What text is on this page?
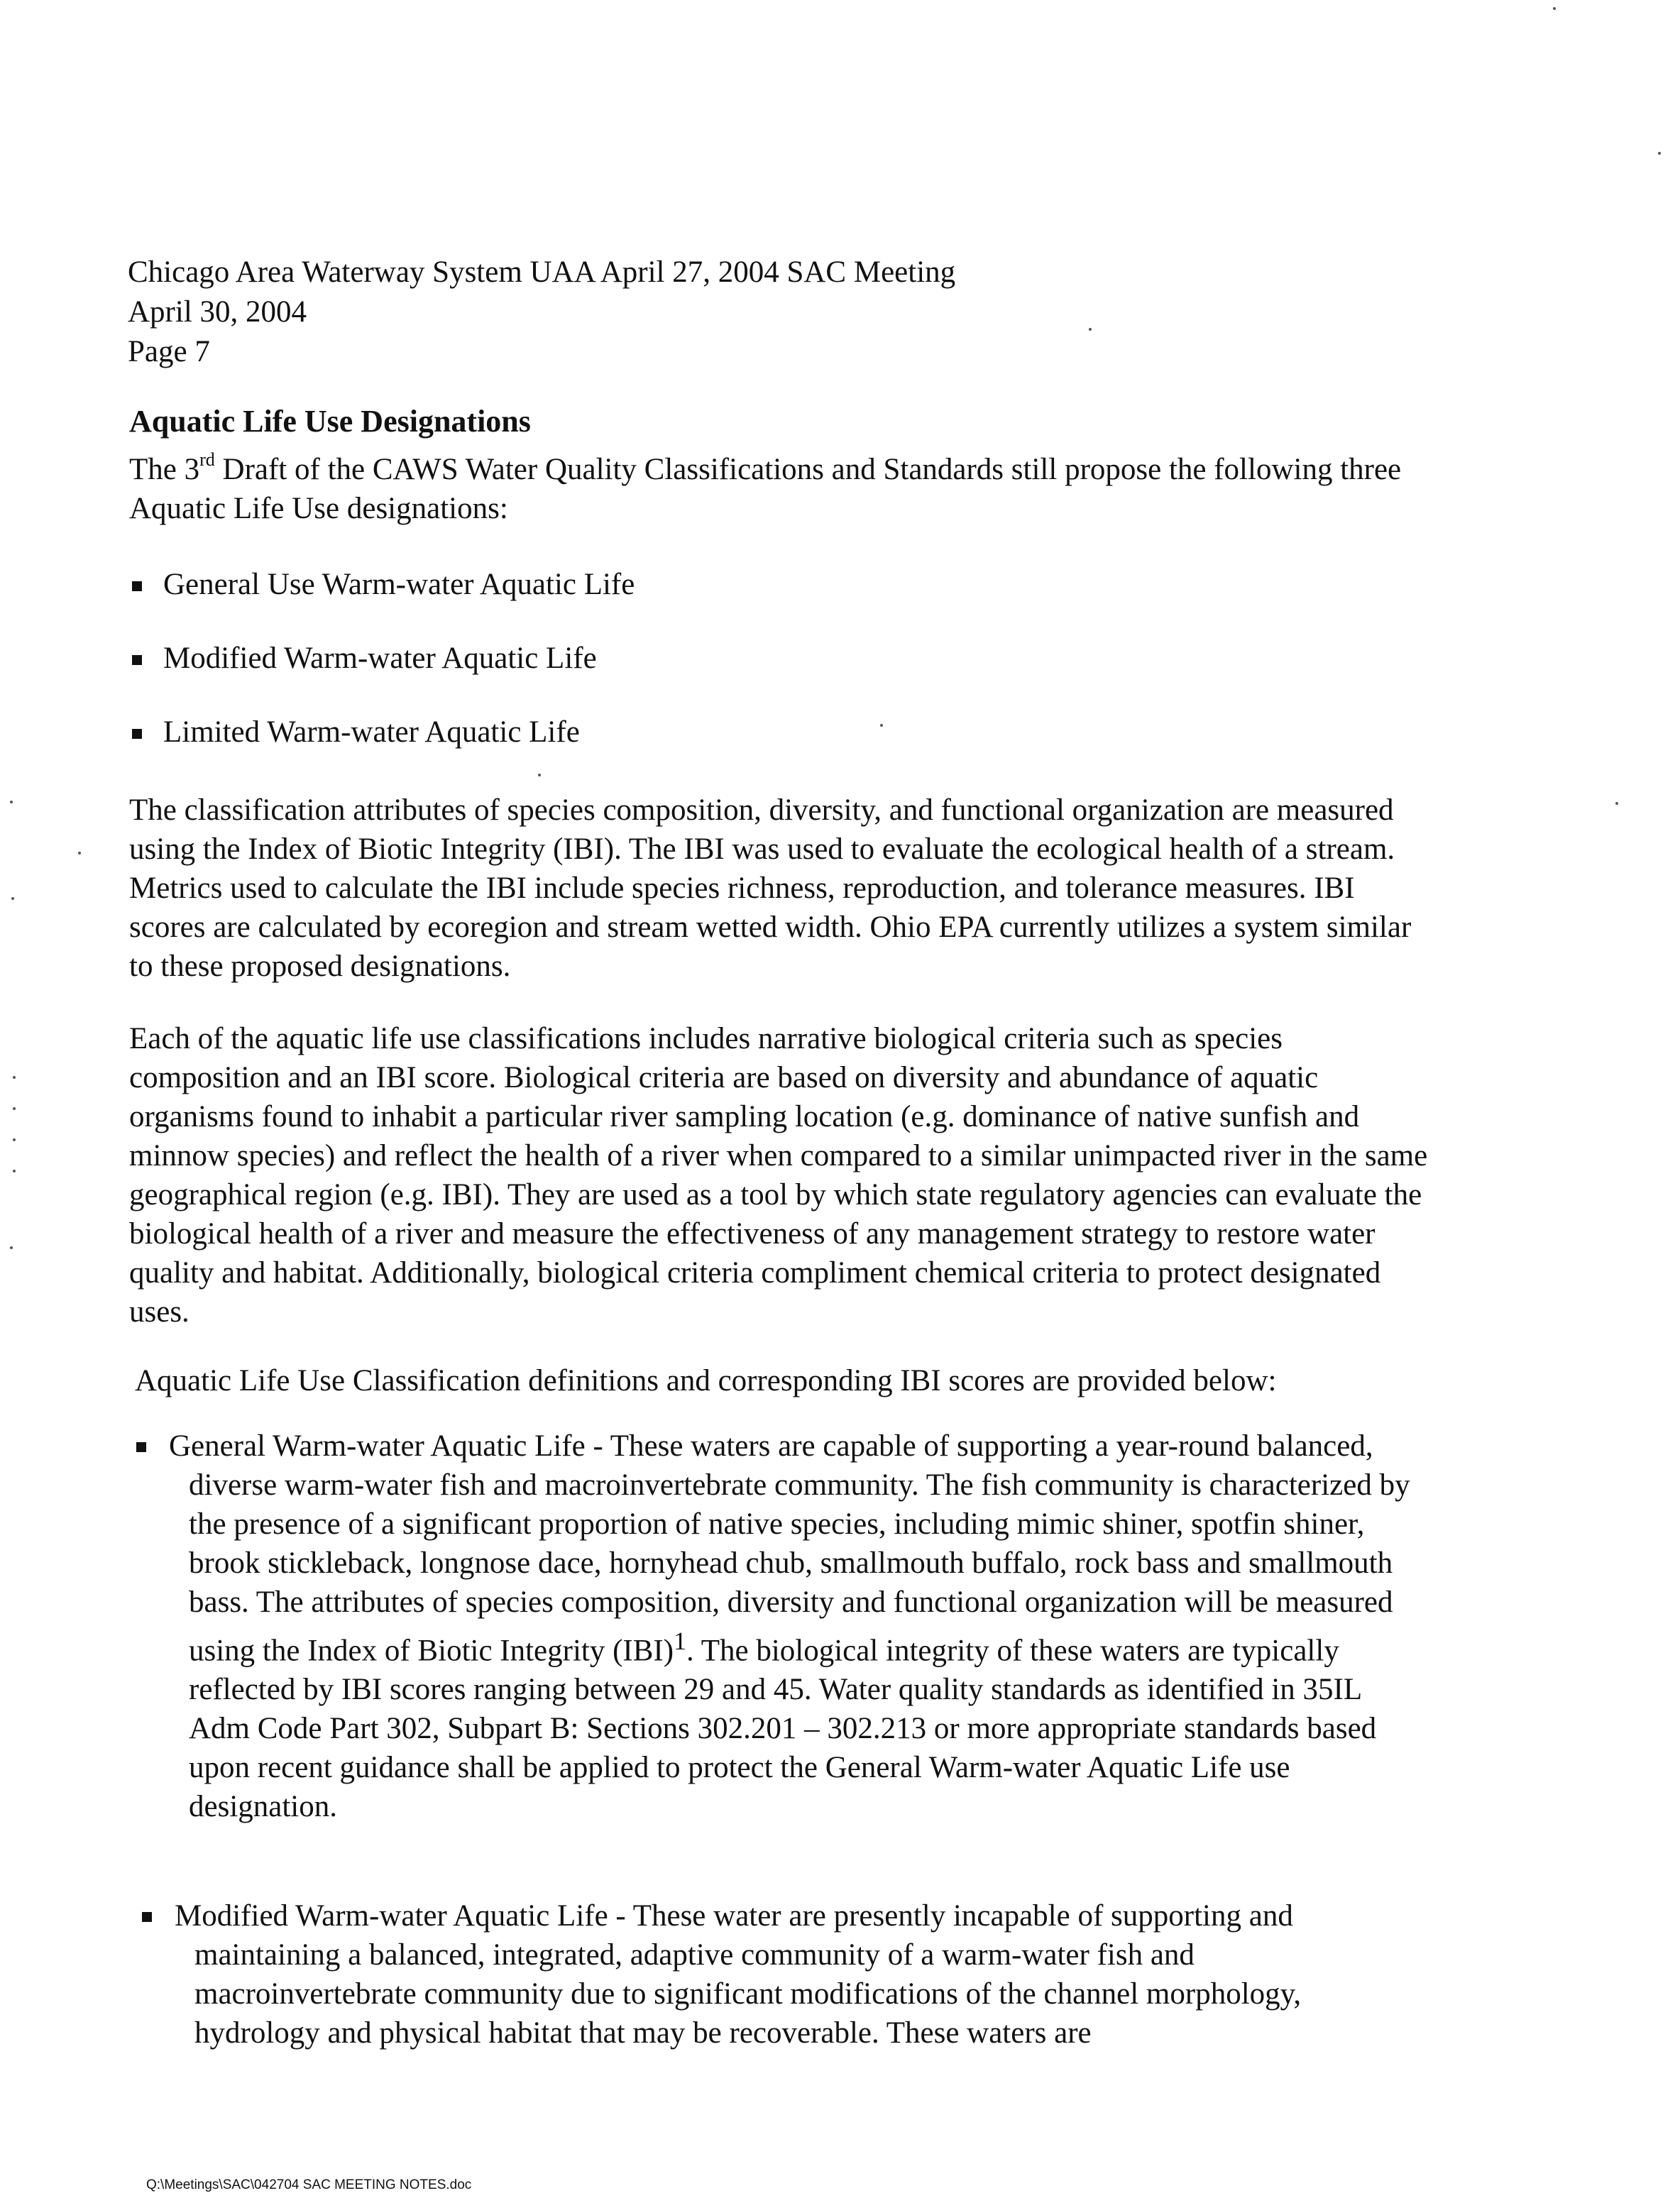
Chicago Area Waterway System UAA April 27, 2004 SAC Meeting
April 30, 2004
Page 7
Aquatic Life Use Designations
The 3rd Draft of the CAWS Water Quality Classifications and Standards still propose the following three Aquatic Life Use designations:
General Use Warm-water Aquatic Life
Modified Warm-water Aquatic Life
Limited Warm-water Aquatic Life
The classification attributes of species composition, diversity, and functional organization are measured using the Index of Biotic Integrity (IBI). The IBI was used to evaluate the ecological health of a stream. Metrics used to calculate the IBI include species richness, reproduction, and tolerance measures. IBI scores are calculated by ecoregion and stream wetted width. Ohio EPA currently utilizes a system similar to these proposed designations.
Each of the aquatic life use classifications includes narrative biological criteria such as species composition and an IBI score. Biological criteria are based on diversity and abundance of aquatic organisms found to inhabit a particular river sampling location (e.g. dominance of native sunfish and minnow species) and reflect the health of a river when compared to a similar unimpacted river in the same geographical region (e.g. IBI). They are used as a tool by which state regulatory agencies can evaluate the biological health of a river and measure the effectiveness of any management strategy to restore water quality and habitat. Additionally, biological criteria compliment chemical criteria to protect designated uses.
Aquatic Life Use Classification definitions and corresponding IBI scores are provided below:
General Warm-water Aquatic Life - These waters are capable of supporting a year-round balanced, diverse warm-water fish and macroinvertebrate community. The fish community is characterized by the presence of a significant proportion of native species, including mimic shiner, spotfin shiner, brook stickleback, longnose dace, hornyhead chub, smallmouth buffalo, rock bass and smallmouth bass. The attributes of species composition, diversity and functional organization will be measured using the Index of Biotic Integrity (IBI)$^1$. The biological integrity of these waters are typically reflected by IBI scores ranging between 29 and 45. Water quality standards as identified in 35IL Adm Code Part 302, Subpart B: Sections 302.201 – 302.213 or more appropriate standards based upon recent guidance shall be applied to protect the General Warm-water Aquatic Life use designation.
Modified Warm-water Aquatic Life - These water are presently incapable of supporting and maintaining a balanced, integrated, adaptive community of a warm-water fish and macroinvertebrate community due to significant modifications of the channel morphology, hydrology and physical habitat that may be recoverable. These waters are
Q:\Meetings\SAC\042704 SAC MEETING NOTES.doc
